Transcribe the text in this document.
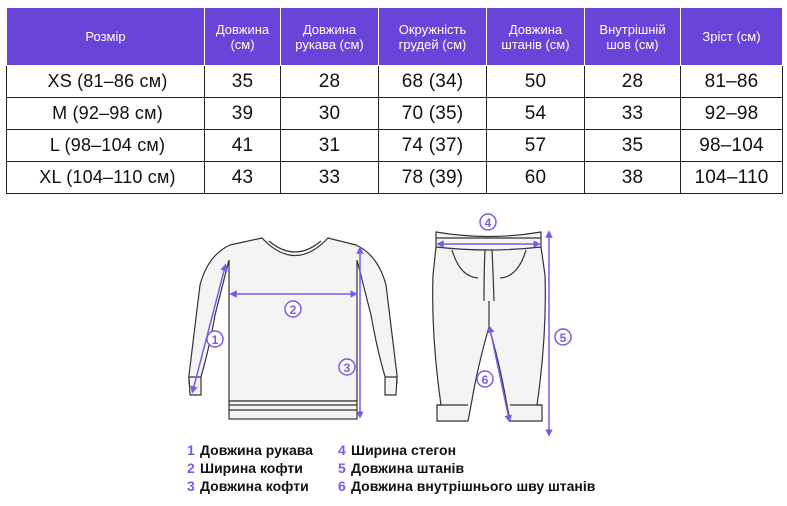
Розмір	Довжина (см)	Довжина рукава (см)	Окружність грудей (см)	Довжина штанів (см)	Внутрішній шов (см)	Зріст (см)
XS (81–86 см)	35	28	68 (34)	50	28	81–86
M (92–98 см)	39	30	70 (35)	54	33	92–98
L (98–104 см)	41	31	74 (37)	57	35	98–104
XL (104–110 см)	43	33	78 (39)	60	38	104–110
1
2
3
4
5
6
1 Довжина рукава
2 Ширина кофти
3 Довжина кофти
4 Ширина стегон
5 Довжина штанів
6 Довжина внутрішнього шву штанів
